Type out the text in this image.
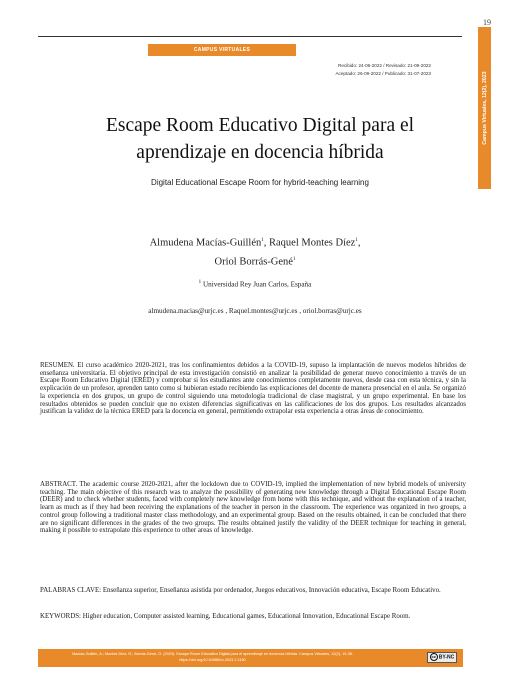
19
CAMPUS VIRTUALES
Recibido: 24-06-2022 / Revisado: 21-09-2022
Aceptado: 26-09-2022 / Publicado: 31-07-2023	Campus Virtuales, 12(2), 2023
Escape Room Educativo Digital para el aprendizaje en docencia híbrida
Digital Educational Escape Room for hybrid-teaching learning
Almudena Macías-Guillén$^1$, Raquel Montes Díez$^1$,
Oriol Borrás-Gené$^1$
$^1$ Universidad Rey Juan Carlos, España
almudena.macias@urjc.es , Raquel.montes@urjc.es , oriol.borras@urjc.es
RESUMEN. El curso académico 2020-2021, tras los confinamientos debidos a la COVID-19, supuso la implantación de nuevos modelos híbridos de enseñanza universitaria. El objetivo principal de esta investigación consistió en analizar la posibilidad de generar nuevo conocimiento a través de un Escape Room Educativo Digital (ERED) y comprobar si los estudiantes ante conocimientos completamente nuevos, desde casa con esta técnica, y sin la explicación de un profesor, aprenden tanto como si hubieran estado recibiendo las explicaciones del docente de manera presencial en el aula. Se organizó la experiencia en dos grupos, un grupo de control siguiendo una metodología tradicional de clase magistral, y un grupo experimental. En base los resultados obtenidos se pueden concluir que no existen diferencias significativas en las calificaciones de los dos grupos. Los resultados alcanzados justifican la validez de la técnica ERED para la docencia en general, permitiendo extrapolar esta experiencia a otras áreas de conocimiento.
ABSTRACT. The academic course 2020-2021, after the lockdown due to COVID-19, implied the implementation of new hybrid models of university teaching. The main objective of this research was to analyze the possibility of generating new knowledge through a Digital Educational Escape Room (DEER) and to check whether students, faced with completely new knowledge from home with this technique, and without the explanation of a teacher, learn as much as if they had been receiving the explanations of the teacher in person in the classroom. The experience was organized in two groups, a control group following a traditional master class methodology, and an experimental group. Based on the results obtained, it can be concluded that there are no significant differences in the grades of the two groups. The results obtained justify the validity of the DEER technique for teaching in general, making it possible to extrapolate this experience to other areas of knowledge.
PALABRAS CLAVE: Enseñanza superior, Enseñanza asistida por ordenador, Juegos educativos, Innovación educativa, Escape Room Educativo.
KEYWORDS: Higher education, Computer assisted learning, Educational games, Educational Innovation, Educational Escape Room.
Macías-Guillén, A.; Montes Díez, R.; Borrás-Gené, O. (2023). Escape Room Educativo Digital para el aprendizaje en docencia híbrida. Campus Virtuales, 12(2), 19-38. https://doi.org/10.54988/cv.2023.2.1160
cc BY-NC
